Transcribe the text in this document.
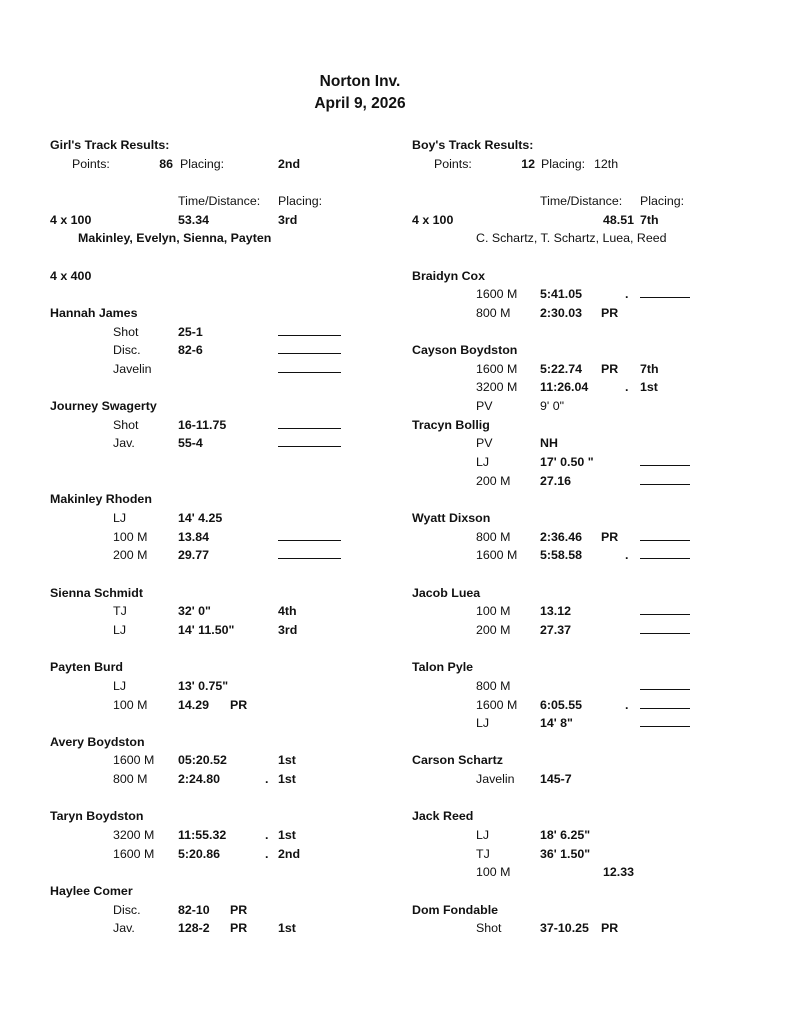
Norton Inv.
April 9, 2026
Girl's Track Results:
Points:	86 Placing:	2nd
Time/Distance: Placing:
4 x 100	53.34	3rd
Makinley, Evelyn, Sienna, Payten
4 x 400
Hannah James
Shot	25-1
Disc.	82-6
Javelin
Journey Swagerty
Shot	16-11.75
Jav.	55-4
Makinley Rhoden
LJ	14' 4.25
100 M 13.84
200 M 29.77
Sienna Schmidt
TJ	32' 0"	4th
LJ	14' 11.50"	3rd
Payten Burd
LJ	13' 0.75"
100 M 14.29 PR
Avery Boydston
1600 M 05:20.52	1st
800 M 2:24.80	. 1st
Taryn Boydston
3200 M 11:55.32	. 1st
1600 M 5:20.86	. 2nd
Haylee Comer
Disc.	82-10 PR
Jav.	128-2 PR 1st
Boy's Track Results:
Points:	12 Placing: 12th
Time/Distance: Placing:
4 x 100	48.51 7th
C. Schartz, T. Schartz, Luea, Reed
Braidyn Cox
1600 M 5:41.05	.
800 M 2:30.03 PR
Cayson Boydston
1600 M 5:22.74 PR 7th
3200 M 11:26.04	. 1st
PV	9' 0"
Tracyn Bollig
PV	NH
LJ	17' 0.50 "
200 M 27.16
Wyatt Dixson
800 M 2:36.46 PR
1600 M 5:58.58	.
Jacob Luea
100 M 13.12
200 M 27.37
Talon Pyle
800 M
1600 M 6:05.55	.
LJ	14' 8"
Carson Schartz
Javelin 145-7
Jack Reed
LJ	18' 6.25"
TJ	36' 1.50"
100 M	12.33
Dom Fondable
Shot	37-10.25 PR
